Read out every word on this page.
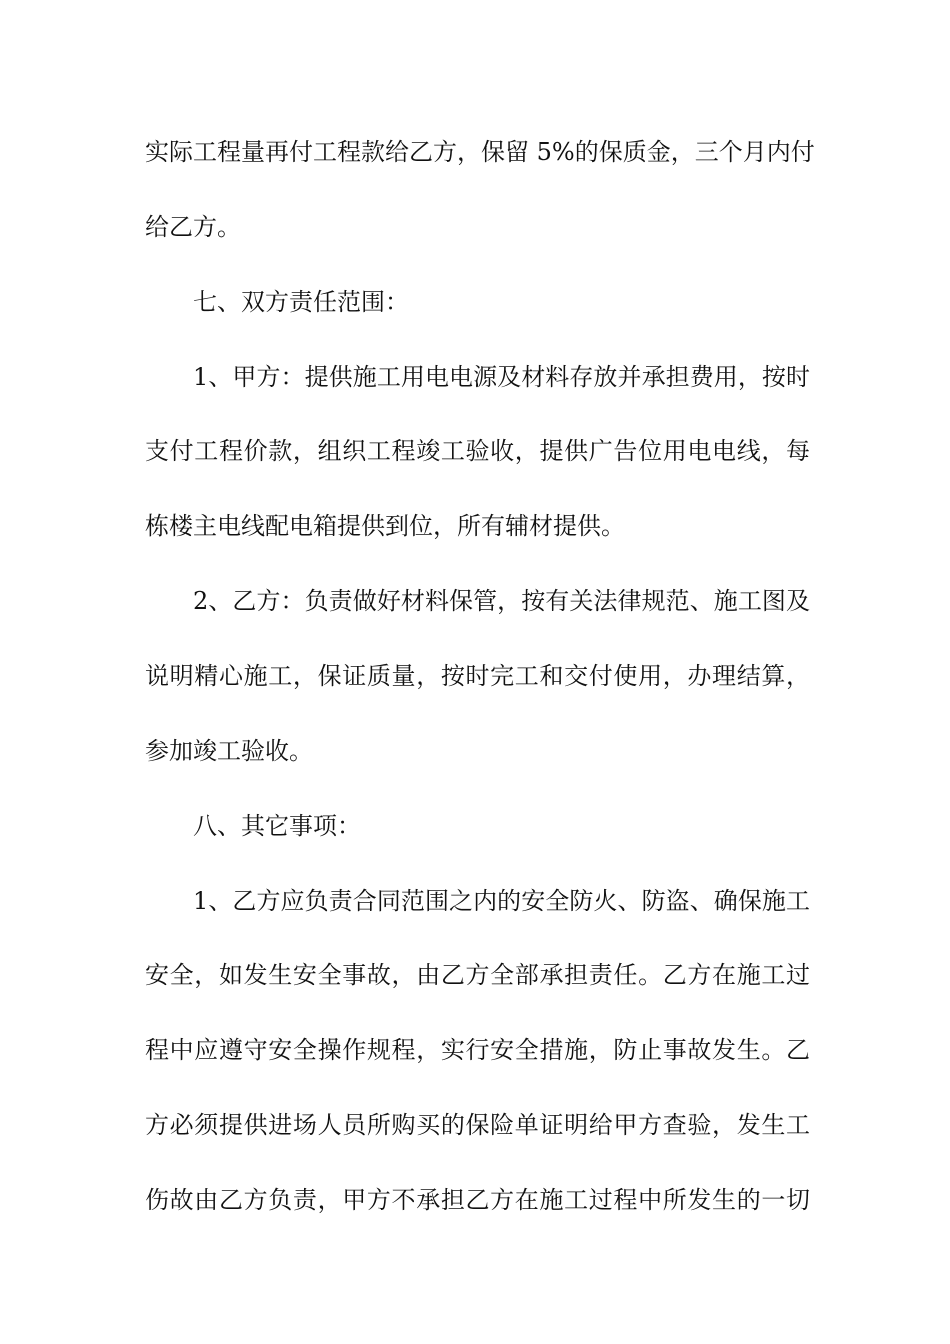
实际工程量再付工程款给乙方，保留 5%的保质金，三个月内付
给乙方。
七、双方责任范围：
1、甲方：提供施工用电电源及材料存放并承担费用，按时
支付工程价款，组织工程竣工验收，提供广告位用电电线，每
栋楼主电线配电箱提供到位，所有辅材提供。
2、乙方：负责做好材料保管，按有关法律规范、施工图及
说明精心施工，保证质量，按时完工和交付使用，办理结算，
参加竣工验收。
八、其它事项：
1、乙方应负责合同范围之内的安全防火、防盗、确保施工
安全，如发生安全事故，由乙方全部承担责任。乙方在施工过
程中应遵守安全操作规程，实行安全措施，防止事故发生。乙
方必须提供进场人员所购买的保险单证明给甲方查验，发生工
伤故由乙方负责，甲方不承担乙方在施工过程中所发生的一切
